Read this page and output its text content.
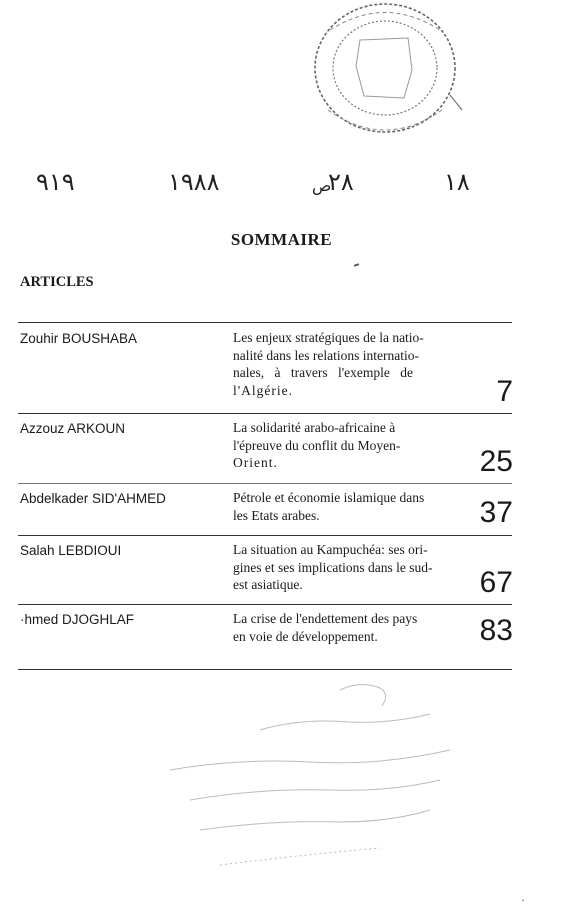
٩١٩	١٩٨٨	ص
٢٨	١٨
SOMMAIRE
ARTICLES
Zouhir BOUSHABA	Les enjeux stratégiques de la natio-
nalité dans les relations internatio-
nales, à travers l'exemple de
l'Algérie.	7
Azzouz ARKOUN	La solidarité arabo-africaine à
l'épreuve du conflit du Moyen-
Orient.	25
Abdelkader SID'AHMED	Pétrole et économie islamique dans
les Etats arabes.	37
Salah LEBDIOUI	La situation au Kampuchéa: ses ori-
gines et ses implications dans le sud-
est asiatique.	67
·hmed DJOGHLAF	La crise de l'endettement des pays
en voie de développement.	83
·
